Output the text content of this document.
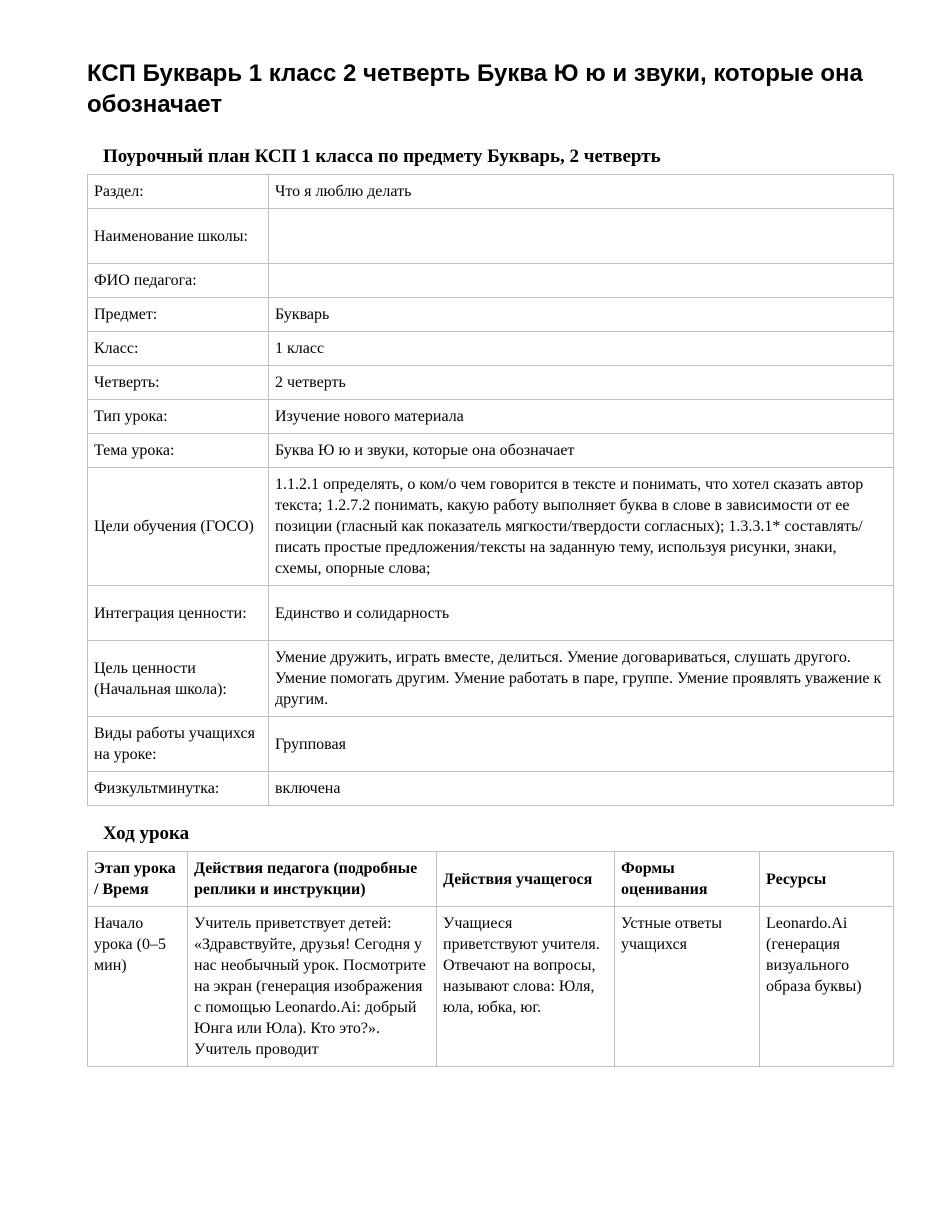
КСП Букварь 1 класс 2 четверть Буква Ю ю и звуки, которые она обозначает
Поурочный план КСП 1 класса по предмету Букварь, 2 четверть
Раздел:	Что я люблю делать
Наименование школы:	
ФИО педагога:	
Предмет:	Букварь
Класс:	1 класс
Четверть:	2 четверть
Тип урока:	Изучение нового материала
Тема урока:	Буква Ю ю и звуки, которые она обозначает
Цели обучения (ГОСО)	1.1.2.1 определять, о ком/о чем говорится в тексте и понимать, что хотел сказать автор текста; 1.2.7.2 понимать, какую работу выполняет буква в слове в зависимости от ее позиции (гласный как показатель мягкости/твердости согласных); 1.3.3.1* составлять/писать простые предложения/тексты на заданную тему, используя рисунки, знаки, схемы, опорные слова;
Интеграция ценности:	Единство и солидарность
Цель ценности (Начальная школа):	Умение дружить, играть вместе, делиться. Умение договариваться, слушать другого. Умение помогать другим. Умение работать в паре, группе. Умение проявлять уважение к другим.
Виды работы учащихся на уроке:	Групповая
Физкультминутка:	включена
Ход урока
Этап урока / Время	Действия педагога (подробные реплики и инструкции)	Действия учащегося	Формы оценивания	Ресурсы
Начало урока (0–5 мин)	Учитель приветствует детей: «Здравствуйте, друзья! Сегодня у нас необычный урок. Посмотрите на экран (генерация изображения с помощью Leonardo.Ai: добрый Юнга или Юла). Кто это?». Учитель проводит	Учащиеся приветствуют учителя. Отвечают на вопросы, называют слова: Юля, юла, юбка, юг.	Устные ответы учащихся	Leonardo.Ai (генерация визуального образа буквы)
